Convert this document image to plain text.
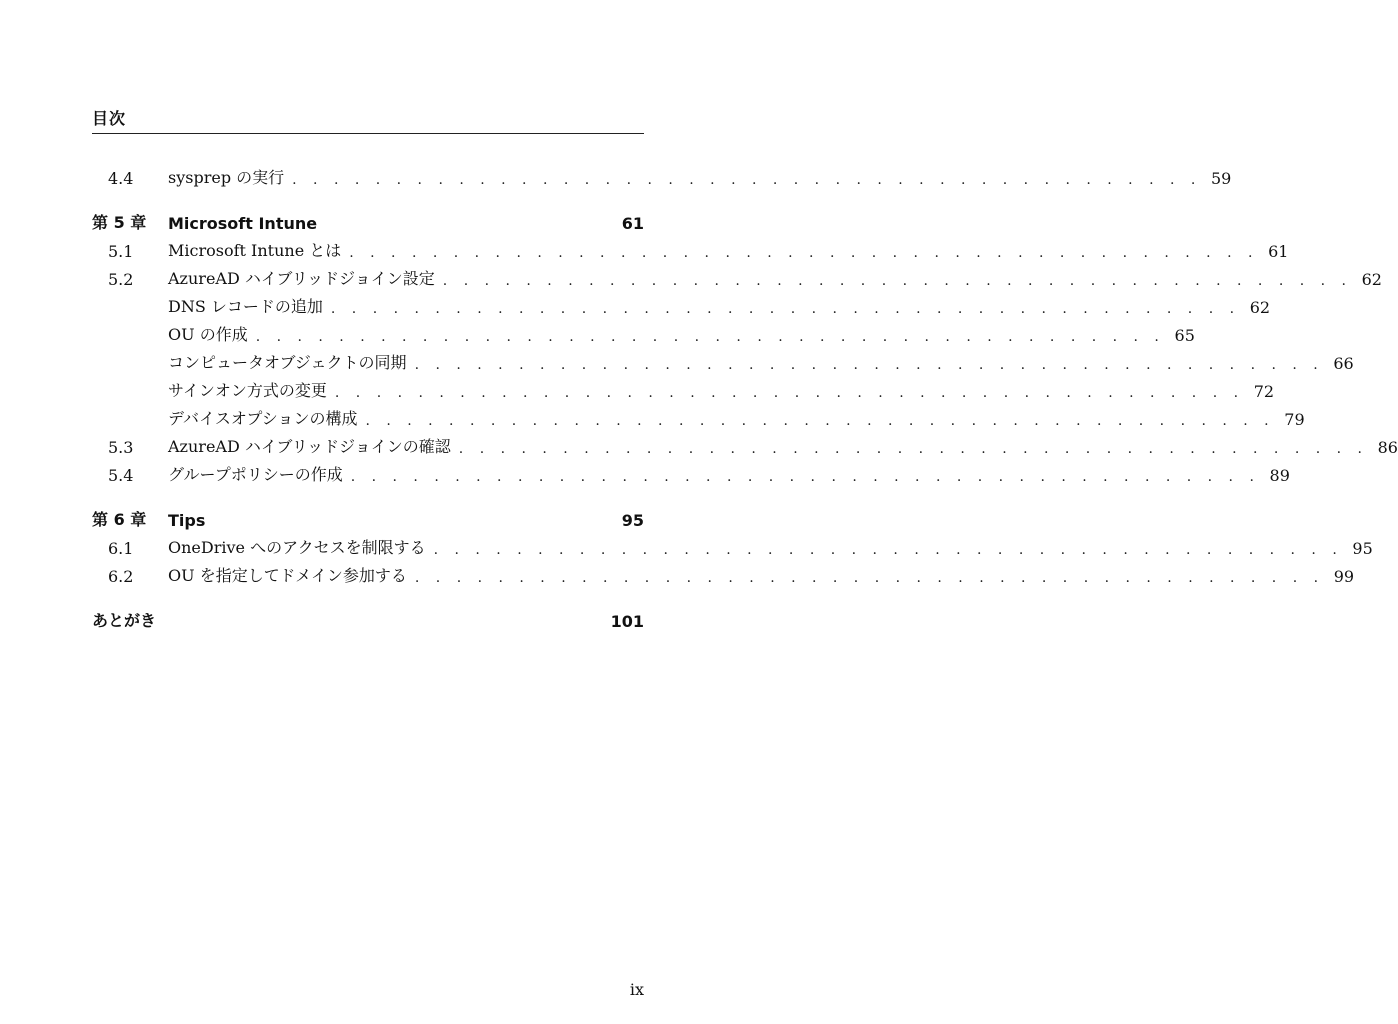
目次
4.4	sysprep の実行 . . . . . . . . . . . . . . . . . . . . . . . . . . . . . . . . . . . . . . . . . . . . 59
第 5 章	Microsoft Intune	61
5.1	Microsoft Intune とは . . . . . . . . . . . . . . . . . . . . . . . . . . . . . . . . . . . . . . . . . . . . 61
5.2	AzureAD ハイブリッドジョイン設定 . . . . . . . . . . . . . . . . . . . . . . . . . . . . . . . . . . . . . . . . . . . . 62
DNS レコードの追加 . . . . . . . . . . . . . . . . . . . . . . . . . . . . . . . . . . . . . . . . . . . . 62
OU の作成 . . . . . . . . . . . . . . . . . . . . . . . . . . . . . . . . . . . . . . . . . . . . 65
コンピュータオブジェクトの同期 . . . . . . . . . . . . . . . . . . . . . . . . . . . . . . . . . . . . . . . . . . . . 66
サインオン方式の変更 . . . . . . . . . . . . . . . . . . . . . . . . . . . . . . . . . . . . . . . . . . . . 72
デバイスオプションの構成 . . . . . . . . . . . . . . . . . . . . . . . . . . . . . . . . . . . . . . . . . . . . 79
5.3	AzureAD ハイブリッドジョインの確認 . . . . . . . . . . . . . . . . . . . . . . . . . . . . . . . . . . . . . . . . . . . . 86
5.4	グループポリシーの作成 . . . . . . . . . . . . . . . . . . . . . . . . . . . . . . . . . . . . . . . . . . . . 89
第 6 章	Tips	95
6.1	OneDrive へのアクセスを制限する . . . . . . . . . . . . . . . . . . . . . . . . . . . . . . . . . . . . . . . . . . . . 95
6.2	OU を指定してドメイン参加する . . . . . . . . . . . . . . . . . . . . . . . . . . . . . . . . . . . . . . . . . . . . 99
あとがき	101
ix
